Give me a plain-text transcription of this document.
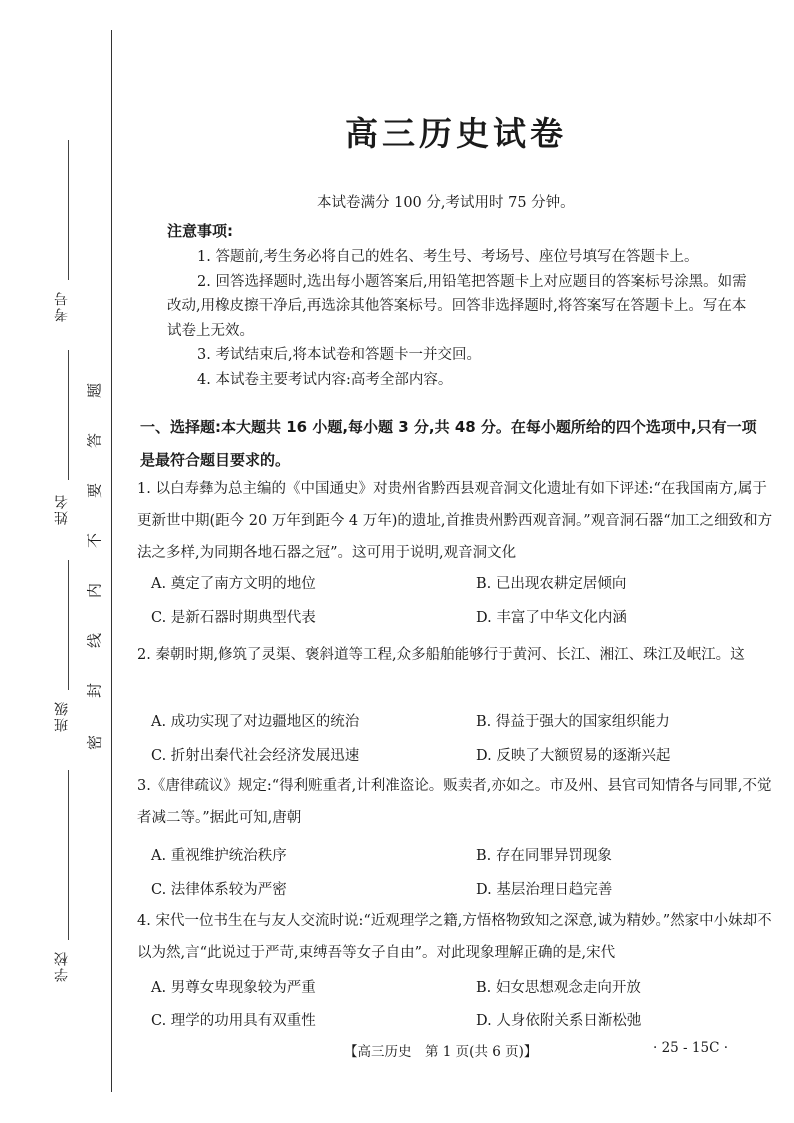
考号
姓名
班级
学校
密
封
线
内
不
要
答
题
高三历史试卷
本试卷满分 100 分,考试用时 75 分钟。
注意事项:

1. 答题前,考生务必将自己的姓名、考生号、考场号、座位号填写在答题卡上。

2. 回答选择题时,选出每小题答案后,用铅笔把答题卡上对应题目的答案标号涂黑。如需改动,用橡皮擦干净后,再选涂其他答案标号。回答非选择题时,将答案写在答题卡上。写在本试卷上无效。

3. 考试结束后,将本试卷和答题卡一并交回。

4. 本试卷主要考试内容:高考全部内容。

一、选择题:本大题共 16 小题,每小题 3 分,共 48 分。在每小题所给的四个选项中,只有一项是最符合题目要求的。

1. 以白寿彝为总主编的《中国通史》对贵州省黔西县观音洞文化遗址有如下评述:“在我国南方,属于更新世中期(距今 20 万年到距今 4 万年)的遗址,首推贵州黔西观音洞。”观音洞石器“加工之细致和方法之多样,为同期各地石器之冠”。这可用于说明,观音洞文化

A. 奠定了南方文明的地位	B. 已出现农耕定居倾向
C. 是新石器时期典型代表	D. 丰富了中华文化内涵

2. 秦朝时期,修筑了灵渠、褒斜道等工程,众多船舶能够行于黄河、长江、湘江、珠江及岷江。这

A. 成功实现了对边疆地区的统治	B. 得益于强大的国家组织能力
C. 折射出秦代社会经济发展迅速	D. 反映了大额贸易的逐渐兴起

3.《唐律疏议》规定:“得利赃重者,计利准盗论。贩卖者,亦如之。市及州、县官司知情各与同罪,不觉者减二等。”据此可知,唐朝

A. 重视维护统治秩序	B. 存在同罪异罚现象
C. 法律体系较为严密	D. 基层治理日趋完善

4. 宋代一位书生在与友人交流时说:“近观理学之籍,方悟格物致知之深意,诚为精妙。”然家中小妹却不以为然,言“此说过于严苛,束缚吾等女子自由”。对此现象理解正确的是,宋代

A. 男尊女卑现象较为严重	B. 妇女思想观念走向开放
C. 理学的功用具有双重性	D. 人身依附关系日渐松弛
【高三历史　第 1 页(共 6 页)】	· 25 - 15C ·
